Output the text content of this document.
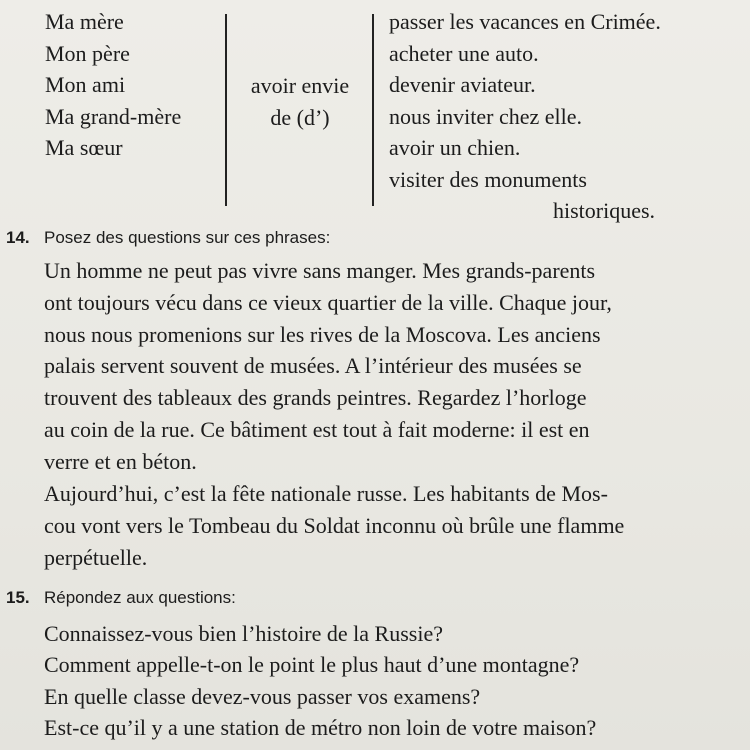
Ma mère
Mon père
Mon ami
Ma grand-mère
Ma sœur
avoir envie
de (d’)
passer les vacances en Crimée.
acheter une auto.
devenir aviateur.
nous inviter chez elle.
avoir un chien.
visiter des monuments
historiques.
14. Posez des questions sur ces phrases:
Un homme ne peut pas vivre sans manger. Mes grands-parents
ont toujours vécu dans ce vieux quartier de la ville. Chaque jour,
nous nous promenions sur les rives de la Moscova. Les anciens
palais servent souvent de musées. A l’intérieur des musées se
trouvent des tableaux des grands peintres. Regardez l’horloge
au coin de la rue. Ce bâtiment est tout à fait moderne: il est en
verre et en béton.
Aujourd’hui, c’est la fête nationale russe. Les habitants de Mos-
cou vont vers le Tombeau du Soldat inconnu où brûle une flamme
perpétuelle.
15. Répondez aux questions:
Connaissez-vous bien l’histoire de la Russie?
Comment appelle-t-on le point le plus haut d’une montagne?
En quelle classe devez-vous passer vos examens?
Est-ce qu’il y a une station de métro non loin de votre maison?
